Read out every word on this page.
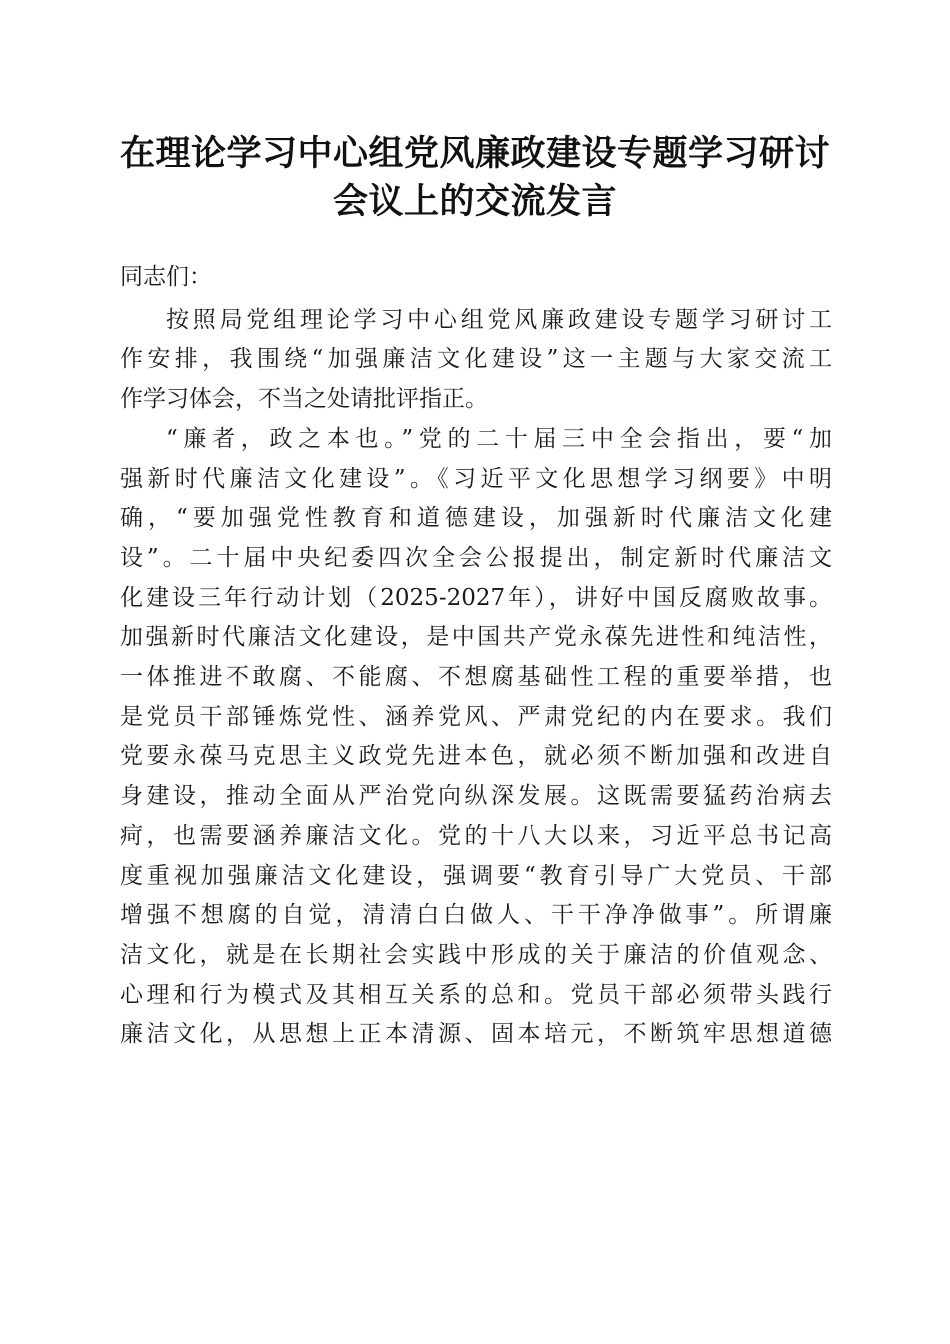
在理论学习中心组党风廉政建设专题学习研讨
会议上的交流发言
同志们：
按照局党组理论学习中心组党风廉政建设专题学习研讨工
作安排，我围绕“加强廉洁文化建设”这一主题与大家交流工
作学习体会，不当之处请批评指正。
“廉者，政之本也。”党的二十届三中全会指出，要“加
强新时代廉洁文化建设”。《习近平文化思想学习纲要》中明
确，“要加强党性教育和道德建设，加强新时代廉洁文化建
设”。二十届中央纪委四次全会公报提出，制定新时代廉洁文
化建设三年行动计划（2025-2027年），讲好中国反腐败故事。
加强新时代廉洁文化建设，是中国共产党永葆先进性和纯洁性，
一体推进不敢腐、不能腐、不想腐基础性工程的重要举措，也
是党员干部锤炼党性、涵养党风、严肃党纪的内在要求。我们
党要永葆马克思主义政党先进本色，就必须不断加强和改进自
身建设，推动全面从严治党向纵深发展。这既需要猛药治病去
疴，也需要涵养廉洁文化。党的十八大以来，习近平总书记高
度重视加强廉洁文化建设，强调要“教育引导广大党员、干部
增强不想腐的自觉，清清白白做人、干干净净做事”。所谓廉
洁文化，就是在长期社会实践中形成的关于廉洁的价值观念、
心理和行为模式及其相互关系的总和。党员干部必须带头践行
廉洁文化，从思想上正本清源、固本培元，不断筑牢思想道德
